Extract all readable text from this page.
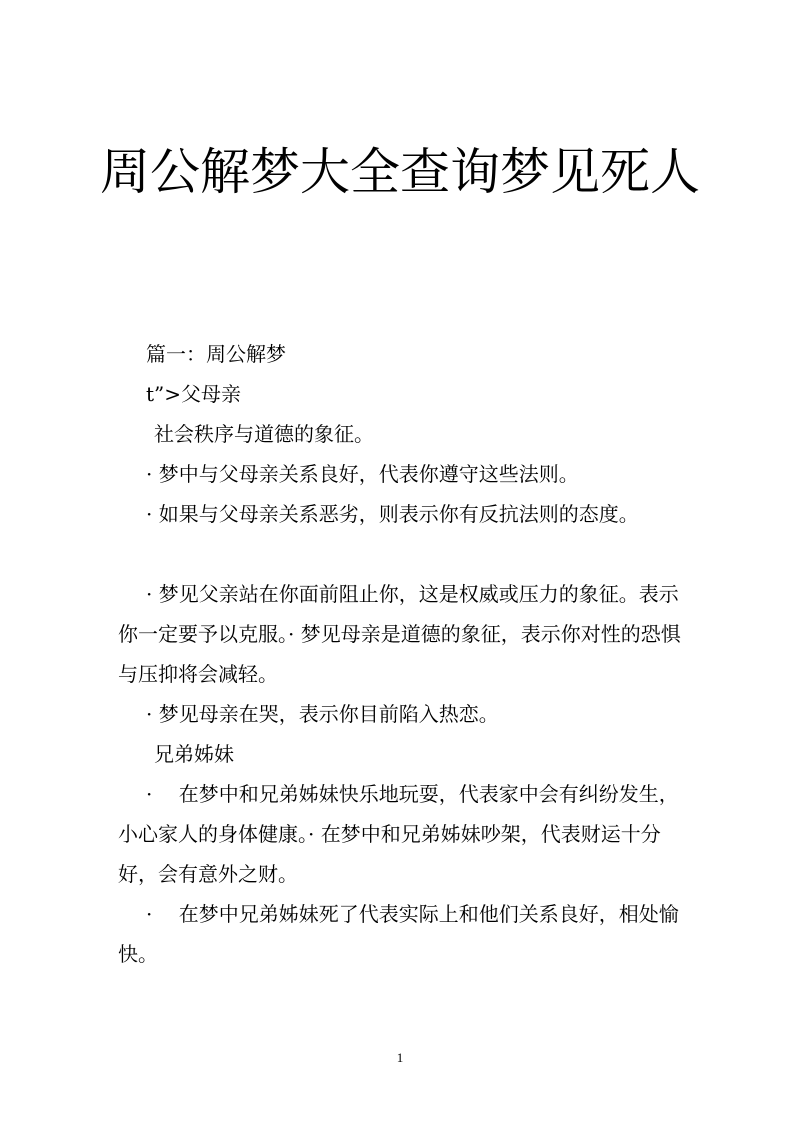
周公解梦大全查询梦见死人

篇一：周公解梦

t”>父母亲

社会秩序与道德的象征。

· 梦中与父母亲关系良好，代表你遵守这些法则。

· 如果与父母亲关系恶劣，则表示你有反抗法则的态度。

· 梦见父亲站在你面前阻止你，这是权威或压力的象征。表示你一定要予以克服。· 梦见母亲是道德的象征，表示你对性的恐惧与压抑将会减轻。

· 梦见母亲在哭，表示你目前陷入热恋。

兄弟姊妹

·　 在梦中和兄弟姊妹快乐地玩耍，代表家中会有纠纷发生，小心家人的身体健康。· 在梦中和兄弟姊妹吵架，代表财运十分好，会有意外之财。

·　 在梦中兄弟姊妹死了代表实际上和他们关系良好，相处愉快。

1
